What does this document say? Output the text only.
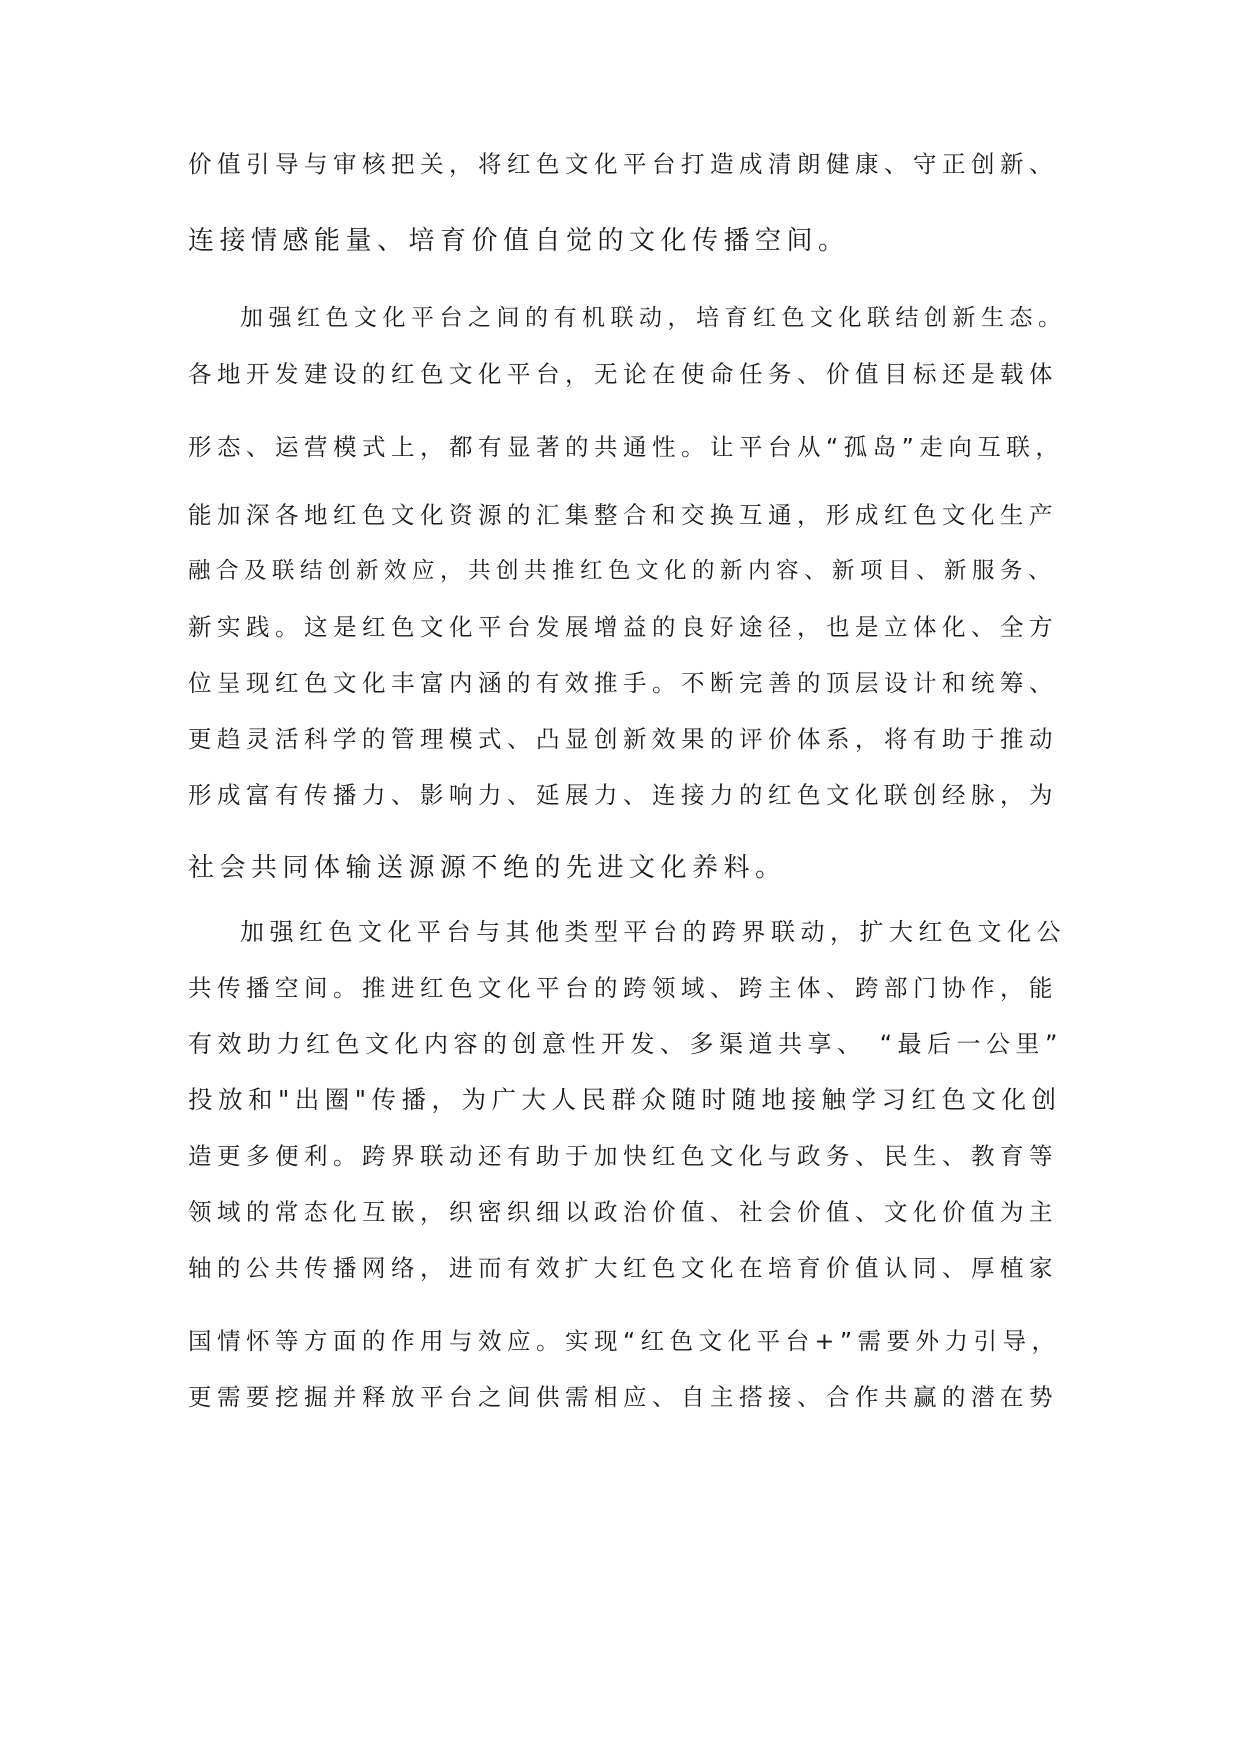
价值引导与审核把关，将红色文化平台打造成清朗健康、守正创新、
连接情感能量、培育价值自觉的文化传播空间。
加强红色文化平台之间的有机联动，培育红色文化联结创新生态。
各地开发建设的红色文化平台，无论在使命任务、价值目标还是载体
形态、运营模式上，都有显著的共通性。让平台从“孤岛”走向互联，
能加深各地红色文化资源的汇集整合和交换互通，形成红色文化生产
融合及联结创新效应，共创共推红色文化的新内容、新项目、新服务、
新实践。这是红色文化平台发展增益的良好途径，也是立体化、全方
位呈现红色文化丰富内涵的有效推手。不断完善的顶层设计和统筹、
更趋灵活科学的管理模式、凸显创新效果的评价体系，将有助于推动
形成富有传播力、影响力、延展力、连接力的红色文化联创经脉，为
社会共同体输送源源不绝的先进文化养料。
加强红色文化平台与其他类型平台的跨界联动，扩大红色文化公
共传播空间。推进红色文化平台的跨领域、跨主体、跨部门协作，能
有效助力红色文化内容的创意性开发、多渠道共享、 “最后一公里”
投放和"出圈"传播，为广大人民群众随时随地接触学习红色文化创
造更多便利。跨界联动还有助于加快红色文化与政务、民生、教育等
领域的常态化互嵌，织密织细以政治价值、社会价值、文化价值为主
轴的公共传播网络，进而有效扩大红色文化在培育价值认同、厚植家
国情怀等方面的作用与效应。实现“红色文化平台+”需要外力引导，
更需要挖掘并释放平台之间供需相应、自主搭接、合作共赢的潜在势
